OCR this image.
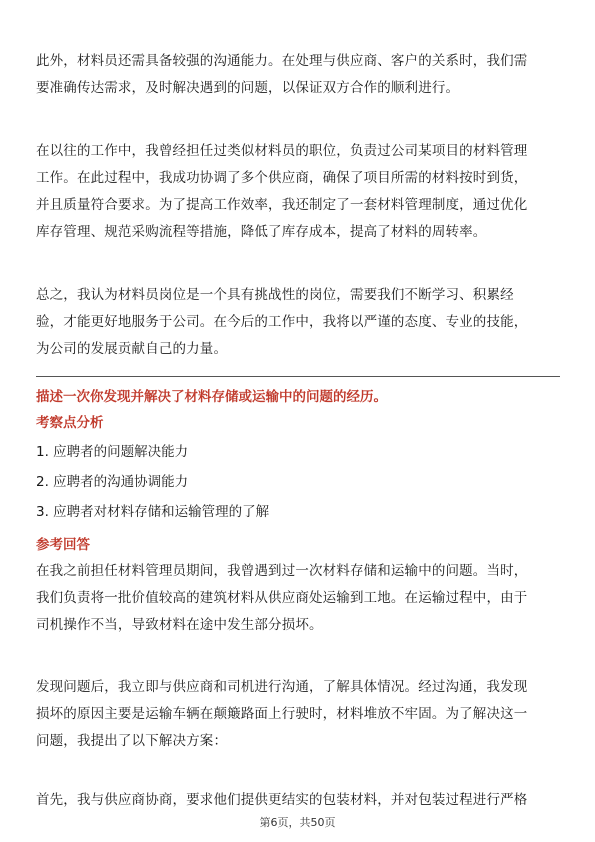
此外，材料员还需具备较强的沟通能力。在处理与供应商、客户的关系时，我们需
要准确传达需求，及时解决遇到的问题，以保证双方合作的顺利进行。

在以往的工作中，我曾经担任过类似材料员的职位，负责过公司某项目的材料管理
工作。在此过程中，我成功协调了多个供应商，确保了项目所需的材料按时到货，
并且质量符合要求。为了提高工作效率，我还制定了一套材料管理制度，通过优化
库存管理、规范采购流程等措施，降低了库存成本，提高了材料的周转率。

总之，我认为材料员岗位是一个具有挑战性的岗位，需要我们不断学习、积累经
验，才能更好地服务于公司。在今后的工作中，我将以严谨的态度、专业的技能，
为公司的发展贡献自己的力量。

描述一次你发现并解决了材料存储或运输中的问题的经历。
考察点分析
1. 应聘者的问题解决能力
2. 应聘者的沟通协调能力
3. 应聘者对材料存储和运输管理的了解
参考回答

在我之前担任材料管理员期间，我曾遇到过一次材料存储和运输中的问题。当时，
我们负责将一批价值较高的建筑材料从供应商处运输到工地。在运输过程中，由于
司机操作不当，导致材料在途中发生部分损坏。

发现问题后，我立即与供应商和司机进行沟通，了解具体情况。经过沟通，我发现
损坏的原因主要是运输车辆在颠簸路面上行驶时，材料堆放不牢固。为了解决这一
问题，我提出了以下解决方案：

首先，我与供应商协商，要求他们提供更结实的包装材料，并对包装过程进行严格

第6页，共50页
